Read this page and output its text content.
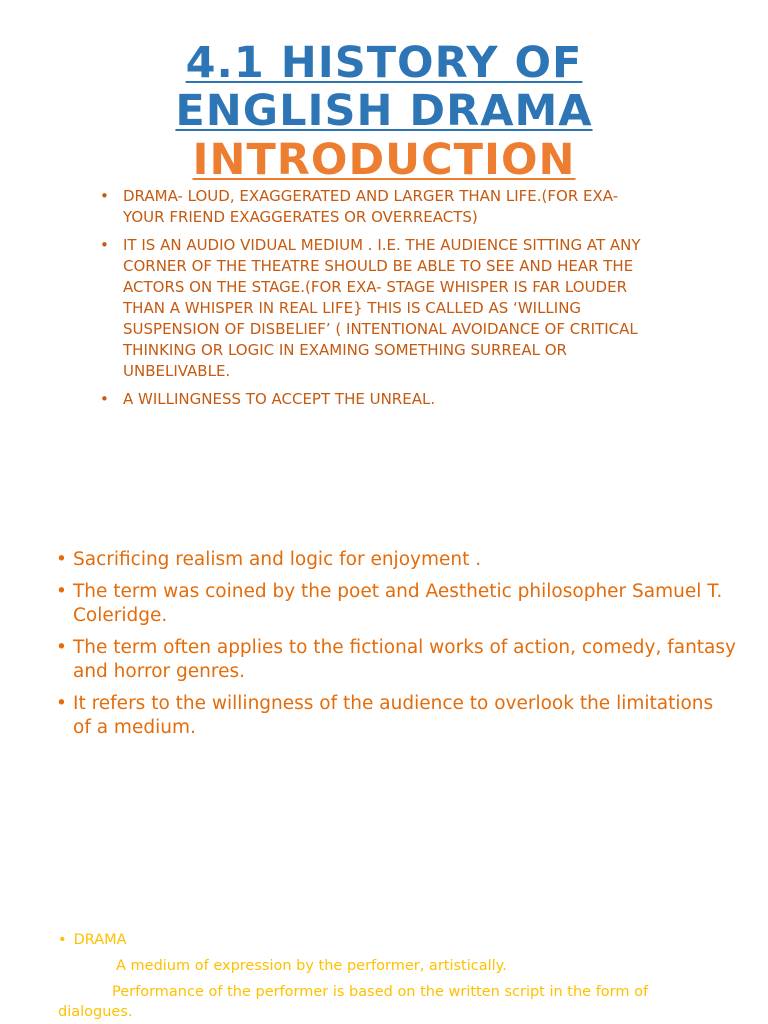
4.1 HISTORY OF
ENGLISH DRAMA
INTRODUCTION
• DRAMA- LOUD, EXAGGERATED AND LARGER THAN LIFE.(FOR EXA- YOUR FRIEND EXAGGERATES OR OVERREACTS)
• IT IS AN AUDIO VIDUAL MEDIUM . I.E. THE AUDIENCE SITTING AT ANY CORNER OF THE THEATRE SHOULD BE ABLE TO SEE AND HEAR THE ACTORS ON THE STAGE.(FOR EXA- STAGE WHISPER IS FAR LOUDER THAN A WHISPER IN REAL LIFE} THIS IS CALLED AS ‘WILLING SUSPENSION OF DISBELIEF’ ( INTENTIONAL AVOIDANCE OF CRITICAL THINKING OR LOGIC IN EXAMING SOMETHING SURREAL OR UNBELIVABLE.
• A WILLINGNESS TO ACCEPT THE UNREAL.
• Sacrificing realism and logic for enjoyment .
• The term was coined by the poet and Aesthetic philosopher Samuel T. Coleridge.
• The term often applies to the fictional works of action, comedy, fantasy and horror genres.
• It refers to the willingness of the audience to overlook the limitations of a medium.
• DRAMA
A medium of expression by the performer, artistically.
Performance of the performer is based on the written script in the form of dialogues.
